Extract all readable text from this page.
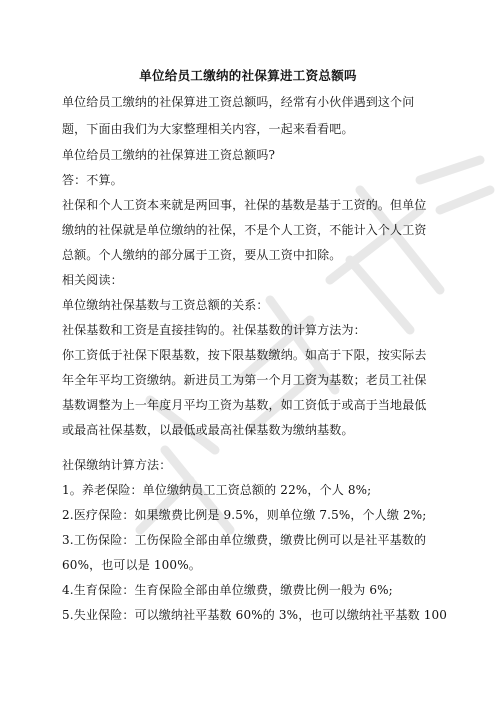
单位给员工缴纳的社保算进工资总额吗
单位给员工缴纳的社保算进工资总额吗，经常有小伙伴遇到这个问
题，下面由我们为大家整理相关内容，一起来看看吧。
单位给员工缴纳的社保算进工资总额吗?
答：不算。
社保和个人工资本来就是两回事，社保的基数是基于工资的。但单位
缴纳的社保就是单位缴纳的社保，不是个人工资，不能计入个人工资
总额。个人缴纳的部分属于工资，要从工资中扣除。
相关阅读：
单位缴纳社保基数与工资总额的关系：
社保基数和工资是直接挂钩的。社保基数的计算方法为：
你工资低于社保下限基数，按下限基数缴纳。如高于下限，按实际去
年全年平均工资缴纳。新进员工为第一个月工资为基数；老员工社保
基数调整为上一年度月平均工资为基数，如工资低于或高于当地最低
或最高社保基数，以最低或最高社保基数为缴纳基数。
社保缴纳计算方法：
1。养老保险：单位缴纳员工工资总额的 22%，个人 8%;
2.医疗保险：如果缴费比例是 9.5%，则单位缴 7.5%，个人缴 2%;
3.工伤保险：工伤保险全部由单位缴费，缴费比例可以是社平基数的
60%，也可以是 100%。
4.生育保险：生育保险全部由单位缴费，缴费比例一般为 6%;
5.失业保险：可以缴纳社平基数 60%的 3%，也可以缴纳社平基数 100
